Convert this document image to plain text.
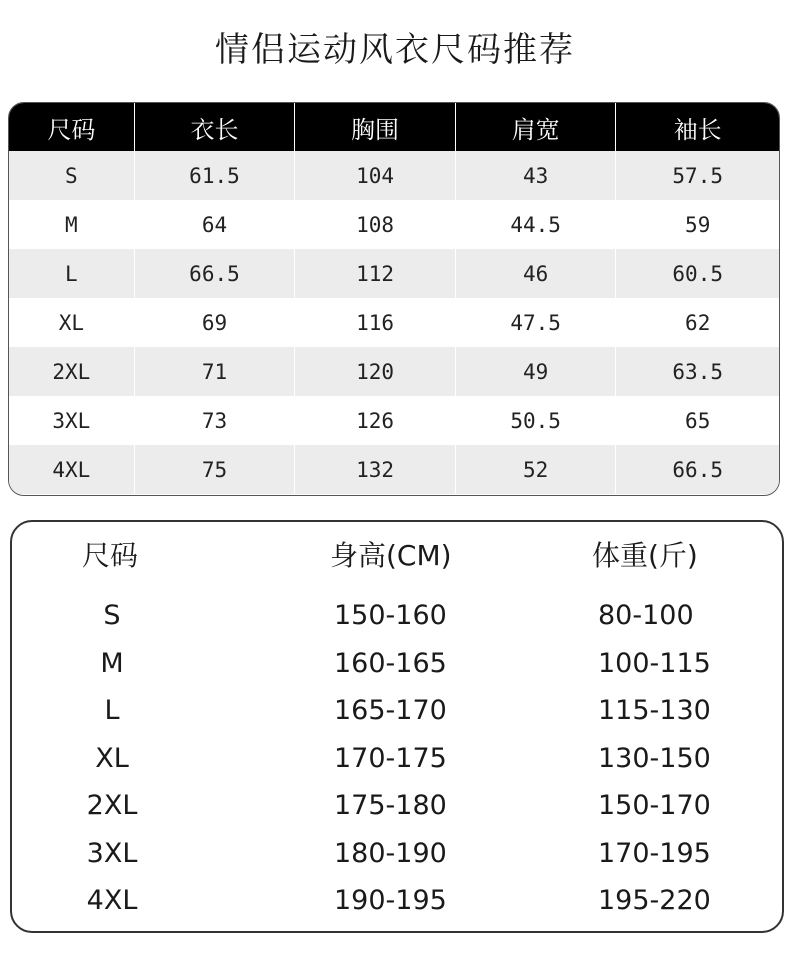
情侣运动风衣尺码推荐
尺码	衣长	胸围	肩宽	袖长
S	61.5	104	43	57.5
M	64	108	44.5	59
L	66.5	112	46	60.5
XL	69	116	47.5	62
2XL	71	120	49	63.5
3XL	73	126	50.5	65
4XL	75	132	52	66.5
尺码	身高(CM)	体重(斤)
S	150-160	80-100
M	160-165	100-115
L	165-170	115-130
XL	170-175	130-150
2XL	175-180	150-170
3XL	180-190	170-195
4XL	190-195	195-220
